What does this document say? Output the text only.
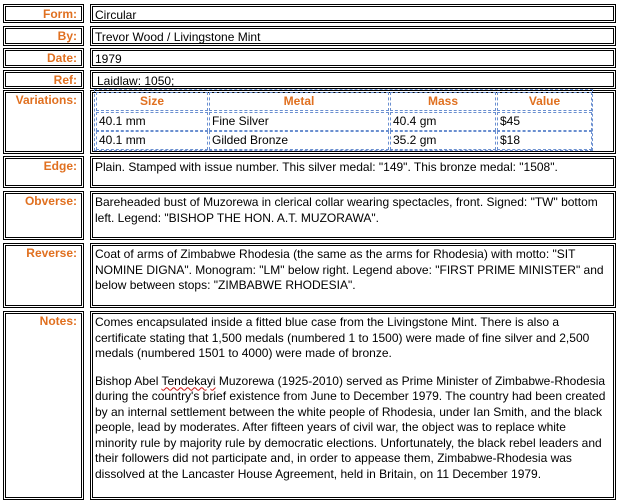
Form:	Circular
By:	Trevor Wood / Livingstone Mint
Date:	1979
Ref:	Laidlaw: 1050;
Variations:	Size	Metal	Mass	Value
40.1 mm	Fine Silver	40.4 gm	$45
40.1 mm	Gilded Bronze	35.2 gm	$18
Edge:	Plain. Stamped with issue number. This silver medal: "149". This bronze medal: "1508".
Obverse:	Bareheaded bust of Muzorewa in clerical collar wearing spectacles, front. Signed: "TW" bottom left. Legend: "BISHOP THE HON. A.T. MUZORAWA".
Reverse:	Coat of arms of Zimbabwe Rhodesia (the same as the arms for Rhodesia) with motto: "SIT NOMINE DIGNA". Monogram: "LM" below right. Legend above: "FIRST PRIME MINISTER" and below between stops: "ZIMBABWE RHODESIA".
Notes: Comes encapsulated inside a fitted blue case from the Livingstone Mint. There is also a certificate stating that 1,500 medals (numbered 1 to 1500) were made of fine silver and 2,500 medals (numbered 1501 to 4000) were made of bronze.

Bishop Abel Tendekayi Muzorewa (1925-2010) served as Prime Minister of Zimbabwe-Rhodesia during the country's brief existence from June to December 1979. The country had been created by an internal settlement between the white people of Rhodesia, under Ian Smith, and the black people, lead by moderates. After fifteen years of civil war, the object was to replace white minority rule by majority rule by democratic elections. Unfortunately, the black rebel leaders and their followers did not participate and, in order to appease them, Zimbabwe-Rhodesia was dissolved at the Lancaster House Agreement, held in Britain, on 11 December 1979.
